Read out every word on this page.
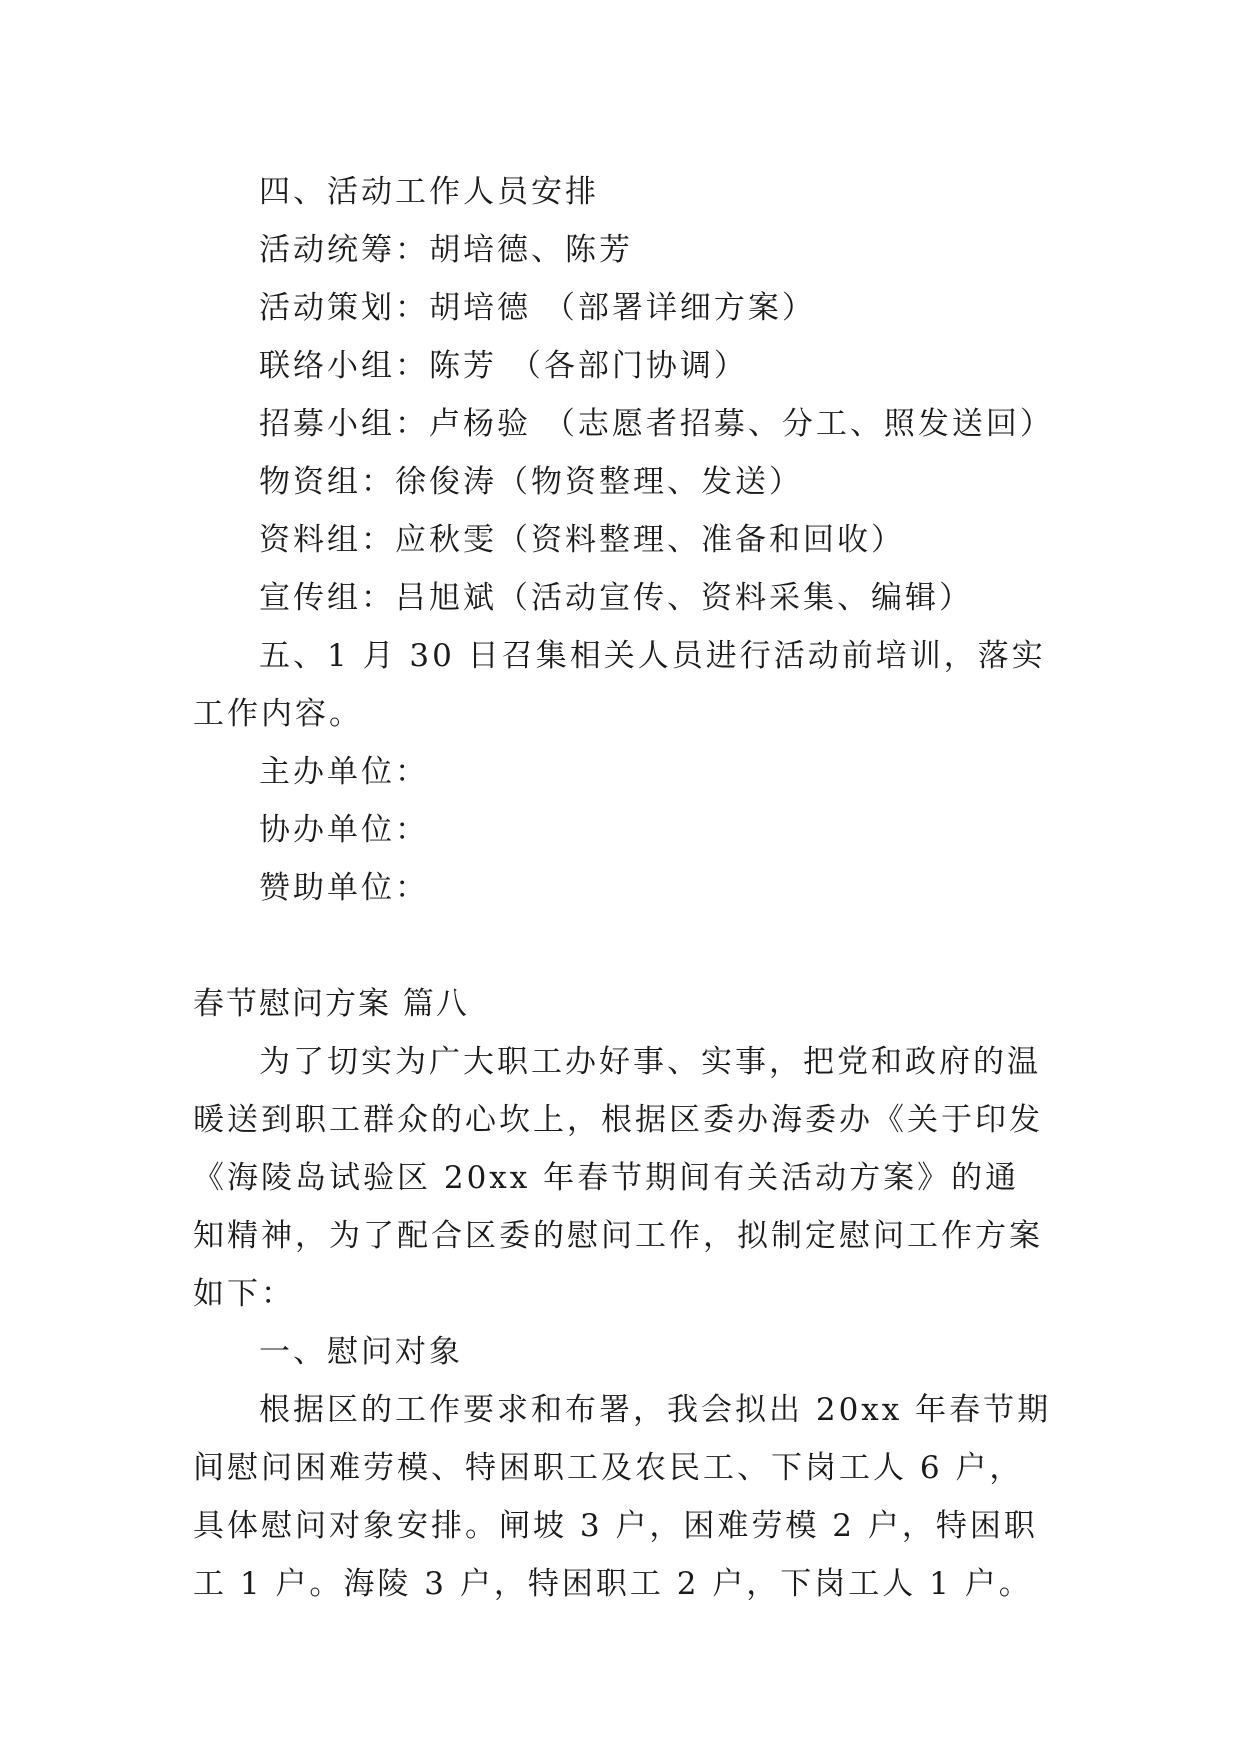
四、活动工作人员安排

活动统筹：胡培德、陈芳

活动策划：胡培德 （部署详细方案）

联络小组：陈芳 （各部门协调）

招募小组：卢杨验 （志愿者招募、分工、照发送回）

物资组：徐俊涛（物资整理、发送）

资料组：应秋雯（资料整理、准备和回收）

宣传组：吕旭斌（活动宣传、资料采集、编辑）

五、1 月 30 日召集相关人员进行活动前培训，落实工作内容。

主办单位：

协办单位：

赞助单位：

春节慰问方案 篇八

为了切实为广大职工办好事、实事，把党和政府的温暖送到职工群众的心坎上，根据区委办海委办《关于印发《海陵岛试验区 20xx 年春节期间有关活动方案》的通知精神，为了配合区委的慰问工作，拟制定慰问工作方案如下：

一、慰问对象

根据区的工作要求和布署，我会拟出 20xx 年春节期间慰问困难劳模、特困职工及农民工、下岗工人 6 户，具体慰问对象安排。闸坡 3 户，困难劳模 2 户，特困职工 1 户。海陵 3 户，特困职工 2 户，下岗工人 1 户。
